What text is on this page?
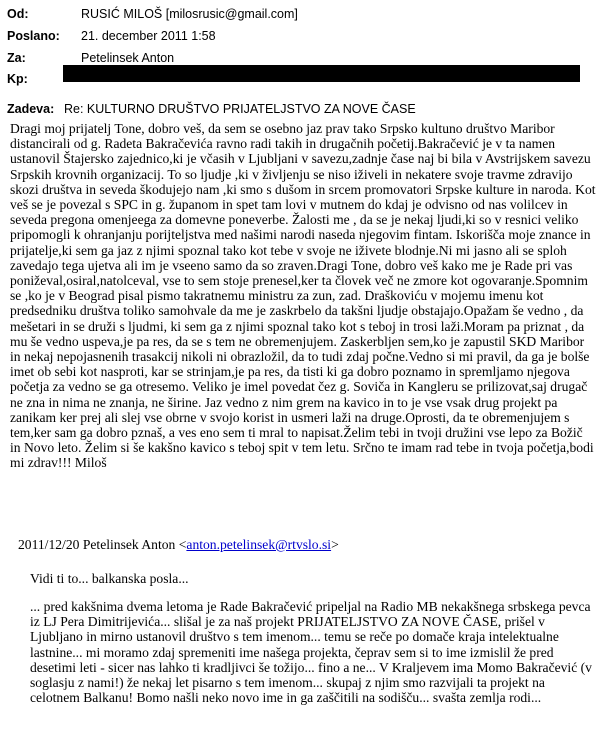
Od:	RUSIĆ MILOŠ [milosrusic@gmail.com]
Poslano: 21. december 2011 1:58
Za:	Petelinsek Anton
Kp:
Zadeva: Re: KULTURNO DRUŠTVO PRIJATELJSTVO ZA NOVE ČASE

Dragi moj prijatelj Tone, dobro veš, da sem se osebno jaz prav tako Srpsko kultuno društvo Maribor distancirali od g. Radeta Bakračevića ravno radi takih in drugačnih početij.Bakračević je v ta namen ustanovil Štajersko zajednico,ki je včasih v Ljubljani v savezu,zadnje čase naj bi bila v Avstrijskem savezu Srpskih krovnih organizacij. To so ljudje ,ki v življenju se niso iživeli in nekatere svoje travme zdravijo skozi društva in seveda škodujejo nam ,ki smo s dušom in srcem promovatori Srpske kulture in naroda. Kot veš se je povezal s SPC in g. županom in spet tam lovi v mutnem do kdaj je odvisno od nas volilcev in seveda pregona omenjeega za domevne poneverbe. Žalosti me , da se je nekaj ljudi,ki so v resnici veliko pripomogli k ohranjanju porijteljstva med našimi narodi naseda njegovim fintam. Iskoriščа moje znance in prijatelje,ki sem ga jaz z njimi spoznal tako kot tebe v svoje ne iživete blodnje.Ni mi jasno ali se sploh zavedajo tega ujetva ali im je vseeno samo da so zraven.Dragi Tone, dobro veš kako me je Rade pri vas poniževal,osiral,natolceval, vse to sem stoje prenesel,ker ta človek več ne zmore kot ogovaranje.Spomnim se ,ko je v Beograd pisal pismo takratnemu ministru za zun, zad. Draškoviću v mojemu imenu kot predsedniku društva toliko samohvale da me je zaskrbelo da takšni ljudje obstajajo.Opažam še vedno , da mešetari in se druži s ljudmi, ki sem ga z njimi spoznal tako kot s teboj in trosi laži.Moram pa priznat , da mu še vedno uspeva,je pa res, da se s tem ne obremenjujem. Zaskerbljen sem,ko je zapustil SKD Maribor in nekaj nepojasnenih trasakcij nikoli ni obrazložil, da to tudi zdaj počne.Vedno si mi pravil, da ga je bolše imet ob sebi kot nasproti, kar se strinjam,je pa res, da tisti ki ga dobro poznamo in spremljamo njegova početja za vedno se ga otresemo. Veliko je imel povedat čez g. Soviča in Kangleru se prilizovat,saj drugač ne zna in nima ne znanja, ne širine. Jaz vedno z nim grem na kavico in to je vse vsak drug projekt pa zanikam ker prej ali slej vse obrne v svojo korist in usmeri laži na druge.Oprosti, da te obremenjujem s tem,ker sam ga dobro pznaš, a ves eno sem ti mral to napisat.Želim tebi in tvoji družini vse lepo za Božič in Novo leto. Želim si še kakšno kavico s teboj spit v tem letu. Srčno te imam rad tebe in tvoja početja,bodi mi zdrav!!! Miloš

2011/12/20 Petelinsek Anton <anton.petelinsek@rtvslo.si>
Vidi ti to... balkanska posla...
... pred kakšnima dvema letoma je Rade Bakračević pripeljal na Radio MB nekakšnega srbskega pevca iz LJ Pera Dimitrijevića... slišal je za naš projekt PRIJATELJSTVO ZA NOVE ČASE, prišel v Ljubljano in mirno ustanovil društvo s tem imenom... temu se reče po domače kraja intelektualne lastnine... mi moramo zdaj spremeniti ime našega projekta, čeprav sem si to ime izmislil že pred desetimi leti - sicer nas lahko ti kradljivci še tožijo... fino a ne... V Kraljevem ima Momo Bakračević (v soglasju z nami!) že nekaj let pisarno s tem imenom... skupaj z njim smo razvijali ta projekt na celotnem Balkanu! Bomo našli neko novo ime in ga zaščitili na sodišču... svašta zemlja rodi...
